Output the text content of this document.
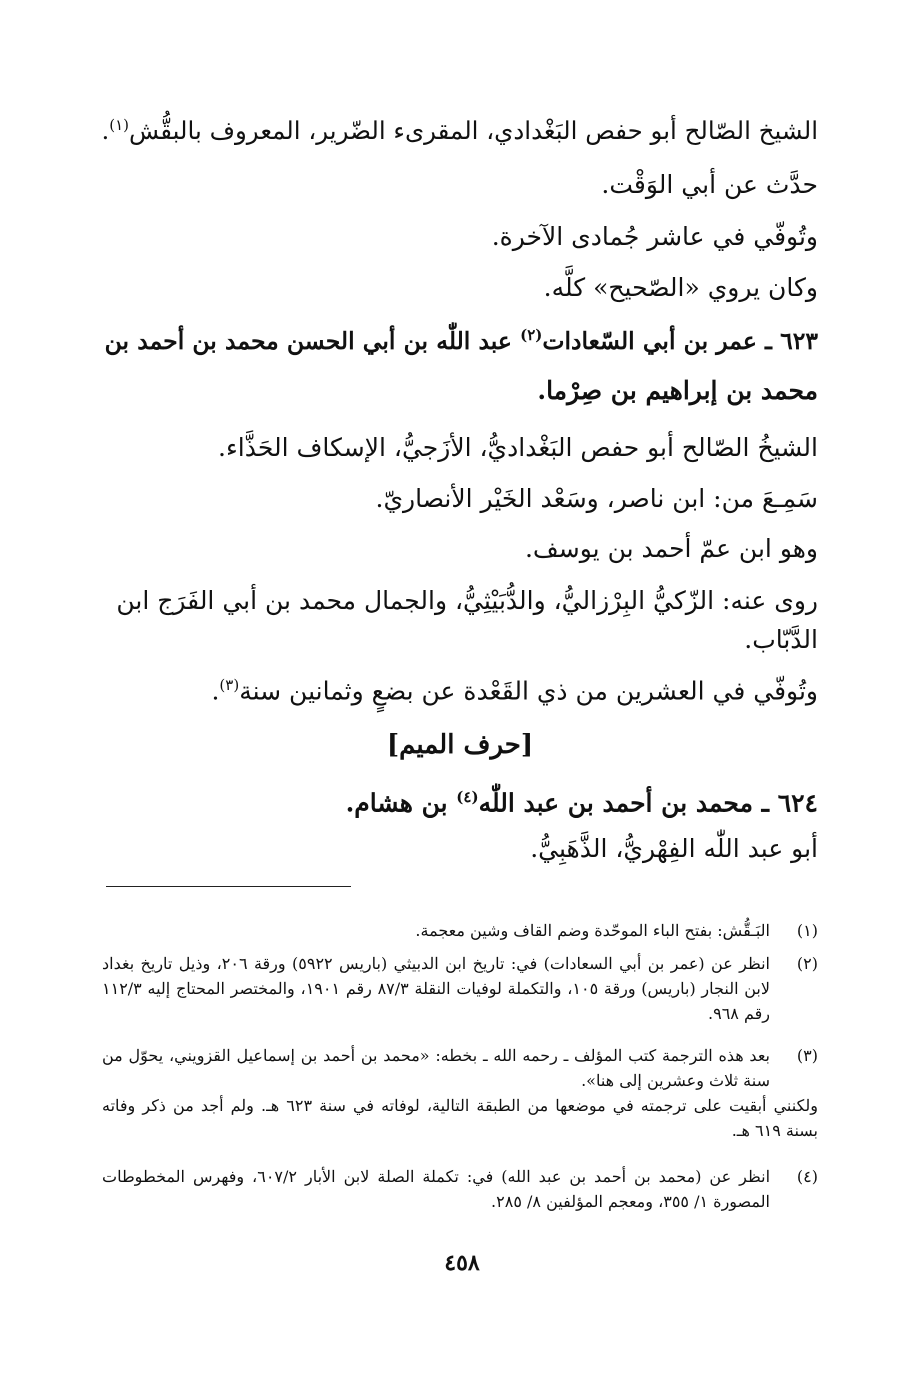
الشيخ الصّالح أبو حفص البَغْدادي، المقرىء الضّرير، المعروف بالبقُّش$^{(١)}$.
حدَّث عن أبي الوَقْت.
وتُوفّي في عاشر جُمادى الآخرة.
وكان يروي «الصّحيح» كلَّه.
٦٢٣ ـ عمر بن أبي السّعادات$^{(٢)}$ عبد اللّٰه بن أبي الحسن محمد بن أحمد بن
محمد بن إبراهيم بن صِرْما.
الشيخُ الصّالح أبو حفص البَغْداديُّ، الأزَجيُّ، الإسكاف الحَذَّاء.
سَمِـعَ من: ابن ناصر، وسَعْد الخَيْر الأنصاريّ.
وهو ابن عمّ أحمد بن يوسف.
روى عنه: الزّكيُّ البِرْزاليُّ، والدُّبَيْثِيُّ، والجمال محمد بن أبي الفَرَج ابن
الدَّبّاب.
وتُوفّي في العشرين من ذي القَعْدة عن بضعٍ وثمانين سنة$^{(٣)}$.
[حرف الميم]
٦٢٤ ـ محمد بن أحمد بن عبد اللّٰه$^{(٤)}$ بن هشام.
أبو عبد اللّٰه الفِهْريُّ، الذَّهَبِيُّ.
(١)
البَـقُّش: بفتح الباء الموحّدة وضم القاف وشين معجمة.
(٢)
انظر عن (عمر بن أبي السعادات) في: تاريخ ابن الدبيثي (باريس ٥٩٢٢) ورقة ٢٠٦، وذيل تاريخ بغداد لابن النجار (باريس) ورقة ١٠٥، والتكملة لوفيات النقلة ٨٧/٣ رقم ١٩٠١، والمختصر المحتاج إليه ١١٢/٣ رقم ٩٦٨.
(٣)
بعد هذه الترجمة كتب المؤلف ـ رحمه الله ـ بخطه: «محمد بن أحمد بن إسماعيل القزويني، يحوّل من سنة ثلاث وعشرين إلى هنا».
ولكنني أبقيت على ترجمته في موضعها من الطبقة التالية، لوفاته في سنة ٦٢٣ هـ. ولم أجد من ذكر وفاته بسنة ٦١٩ هـ.
(٤)
انظر عن (محمد بن أحمد بن عبد الله) في: تكملة الصلة لابن الأبار ٦٠٧/٢، وفهرس المخطوطات المصورة ١/ ٣٥٥، ومعجم المؤلفين ٨/ ٢٨٥.
٤٥٨
